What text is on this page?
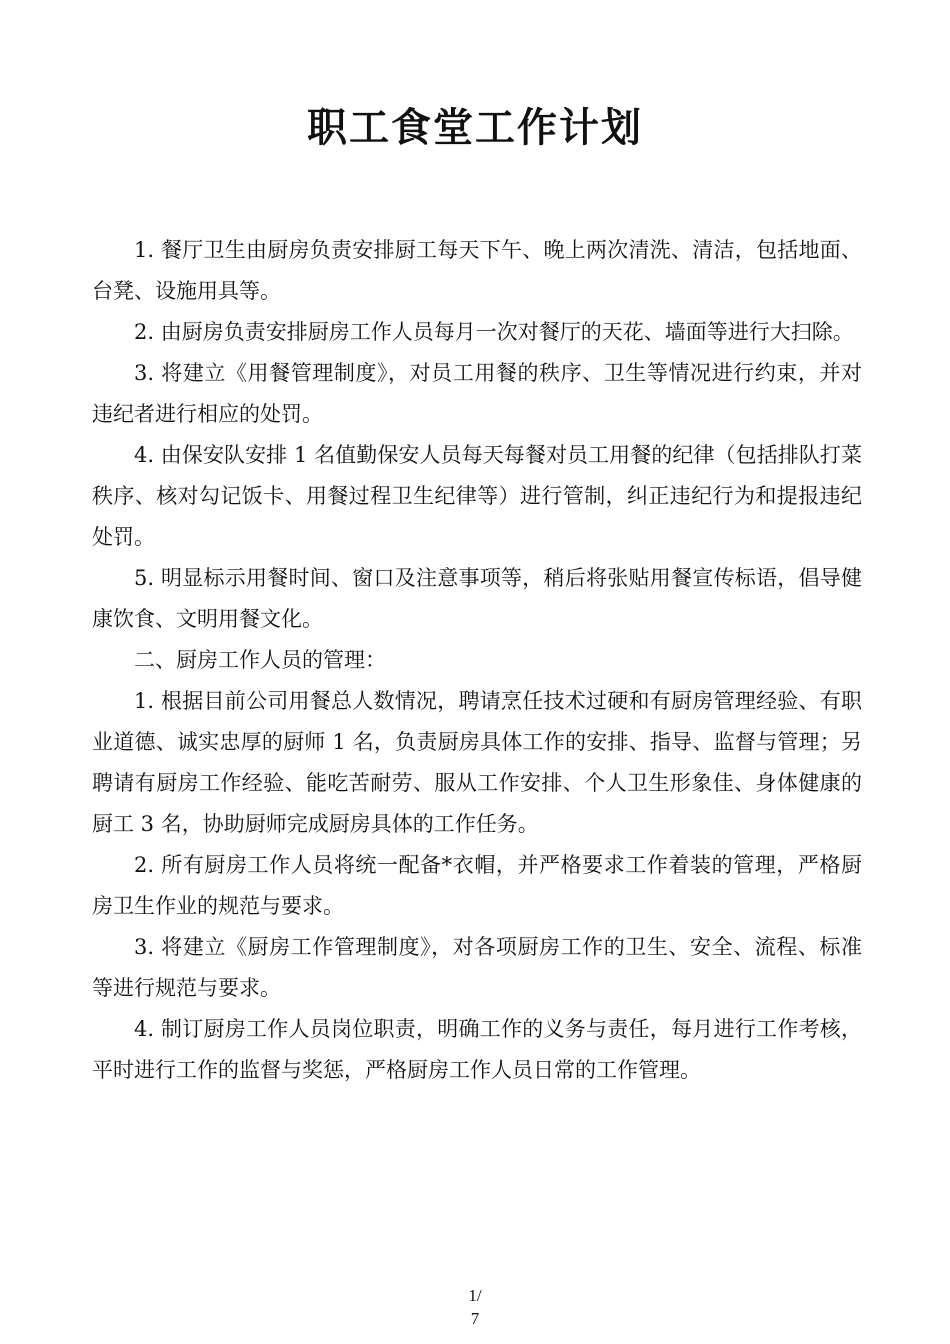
职工食堂工作计划

1. 餐厅卫生由厨房负责安排厨工每天下午、晚上两次清洗、清洁，包括地面、台凳、设施用具等。

2. 由厨房负责安排厨房工作人员每月一次对餐厅的天花、墙面等进行大扫除。

3. 将建立《用餐管理制度》，对员工用餐的秩序、卫生等情况进行约束，并对违纪者进行相应的处罚。

4. 由保安队安排 1 名值勤保安人员每天每餐对员工用餐的纪律（包括排队打菜秩序、核对勾记饭卡、用餐过程卫生纪律等）进行管制，纠正违纪行为和提报违纪处罚。

5. 明显标示用餐时间、窗口及注意事项等，稍后将张贴用餐宣传标语，倡导健康饮食、文明用餐文化。

二、厨房工作人员的管理：

1. 根据目前公司用餐总人数情况，聘请烹任技术过硬和有厨房管理经验、有职业道德、诚实忠厚的厨师 1 名，负责厨房具体工作的安排、指导、监督与管理；另聘请有厨房工作经验、能吃苦耐劳、服从工作安排、个人卫生形象佳、身体健康的厨工 3 名，协助厨师完成厨房具体的工作任务。

2. 所有厨房工作人员将统一配备*衣帽，并严格要求工作着装的管理，严格厨房卫生作业的规范与要求。

3. 将建立《厨房工作管理制度》，对各项厨房工作的卫生、安全、流程、标准等进行规范与要求。

4. 制订厨房工作人员岗位职责，明确工作的义务与责任，每月进行工作考核，平时进行工作的监督与奖惩，严格厨房工作人员日常的工作管理。

1/
7
